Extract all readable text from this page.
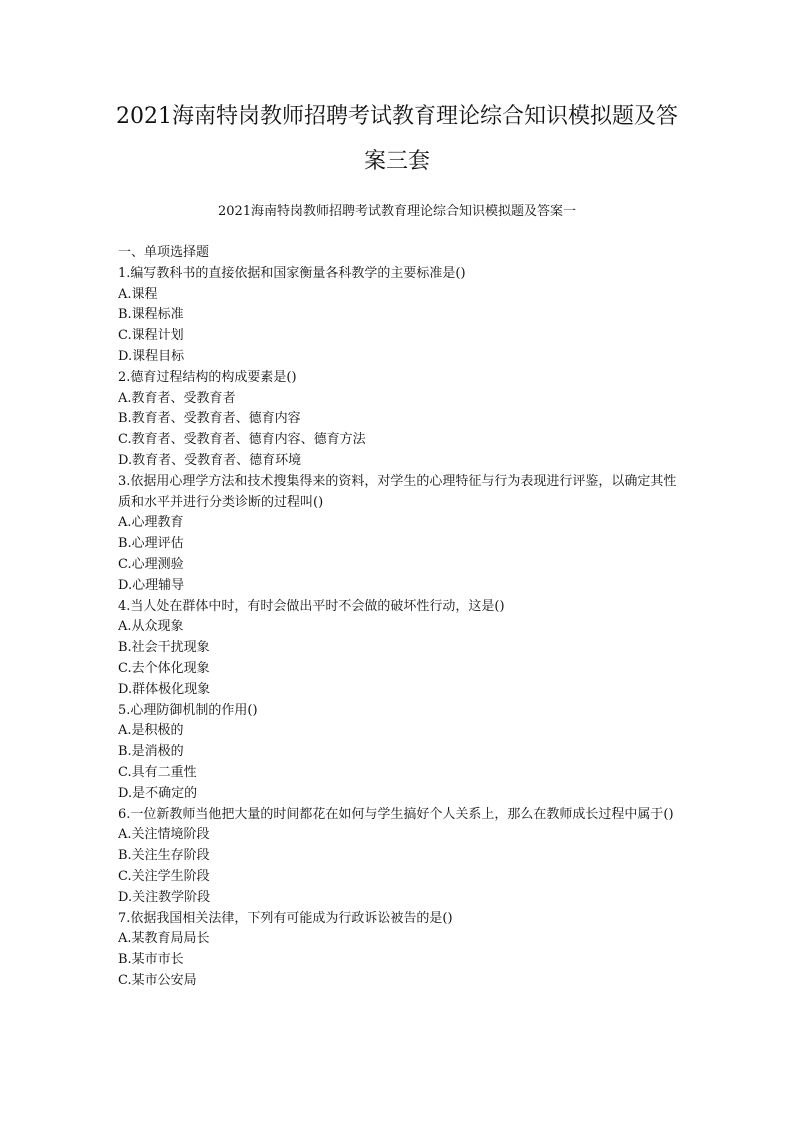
2021海南特岗教师招聘考试教育理论综合知识模拟题及答
案三套

2021海南特岗教师招聘考试教育理论综合知识模拟题及答案一

一、单项选择题
1.编写教科书的直接依据和国家衡量各科教学的主要标准是()
A.课程
B.课程标准
C.课程计划
D.课程目标
2.德育过程结构的构成要素是()
A.教育者、受教育者
B.教育者、受教育者、德育内容
C.教育者、受教育者、德育内容、德育方法
D.教育者、受教育者、德育环境
3.依据用心理学方法和技术搜集得来的资料，对学生的心理特征与行为表现进行评鉴，以确定其性质和水平并进行分类诊断的过程叫()
A.心理教育
B.心理评估
C.心理测验
D.心理辅导
4.当人处在群体中时，有时会做出平时不会做的破坏性行动，这是()
A.从众现象
B.社会干扰现象
C.去个体化现象
D.群体极化现象
5.心理防御机制的作用()
A.是积极的
B.是消极的
C.具有二重性
D.是不确定的
6.一位新教师当他把大量的时间都花在如何与学生搞好个人关系上，那么在教师成长过程中属于()
A.关注情境阶段
B.关注生存阶段
C.关注学生阶段
D.关注教学阶段
7.依据我国相关法律，下列有可能成为行政诉讼被告的是()
A.某教育局局长
B.某市市长
C.某市公安局
